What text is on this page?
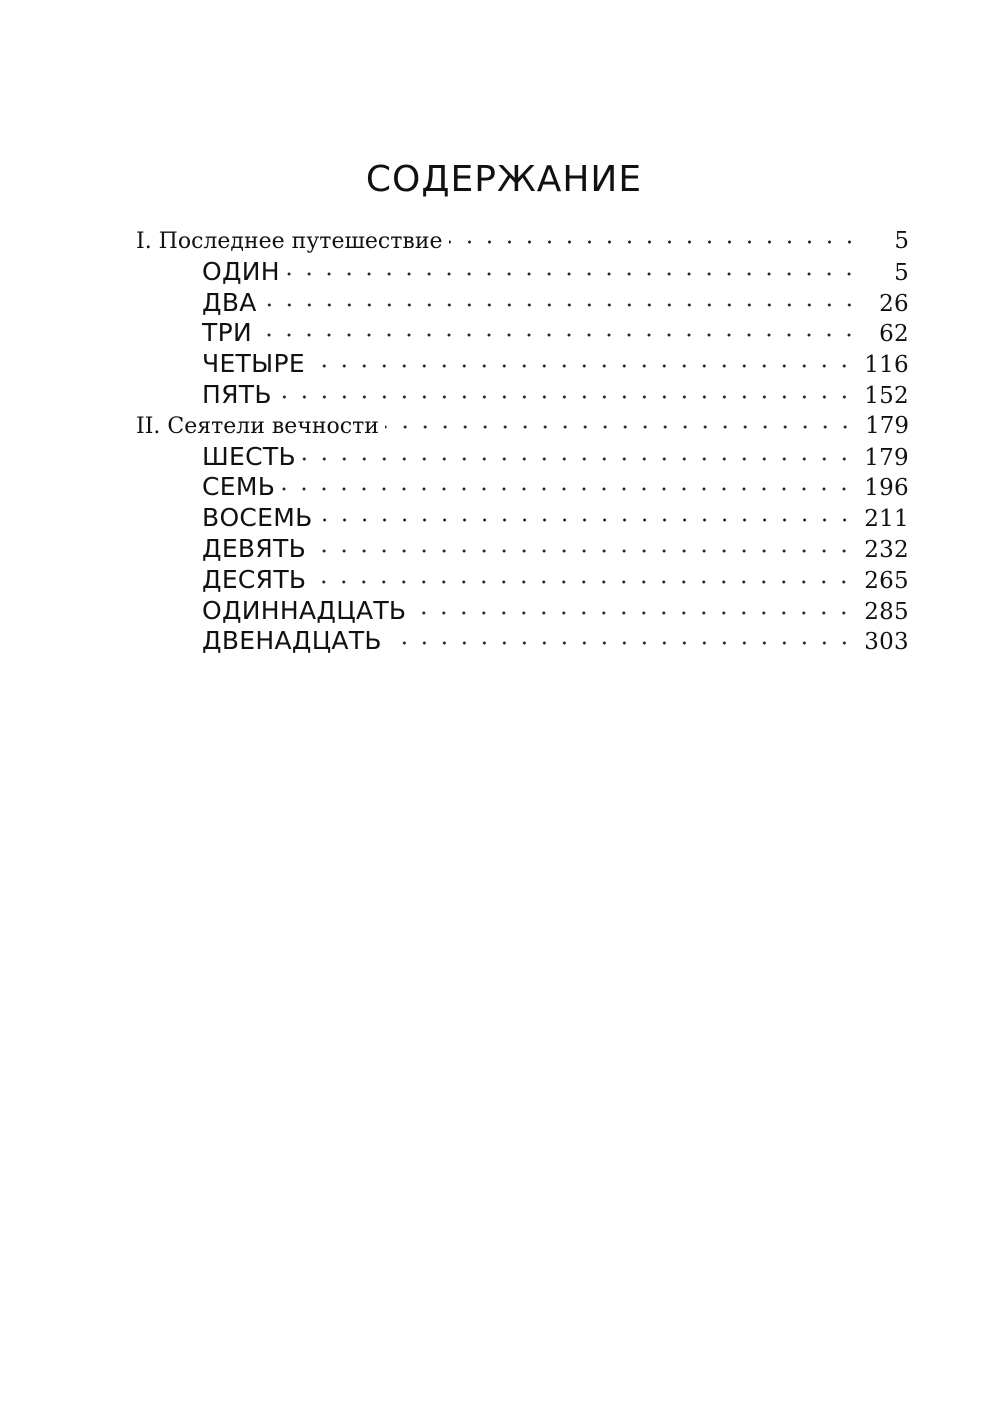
СОДЕРЖАНИЕ
I. Последнее путешествие	5
ОДИН	5
ДВА	26
ТРИ	62
ЧЕТЫРЕ	116
ПЯТЬ	152
II. Сеятели вечности	179
ШЕСТЬ	179
СЕМЬ	196
ВОСЕМЬ	211
ДЕВЯТЬ	232
ДЕСЯТЬ	265
ОДИННАДЦАТЬ	285
ДВЕНАДЦАТЬ	303
